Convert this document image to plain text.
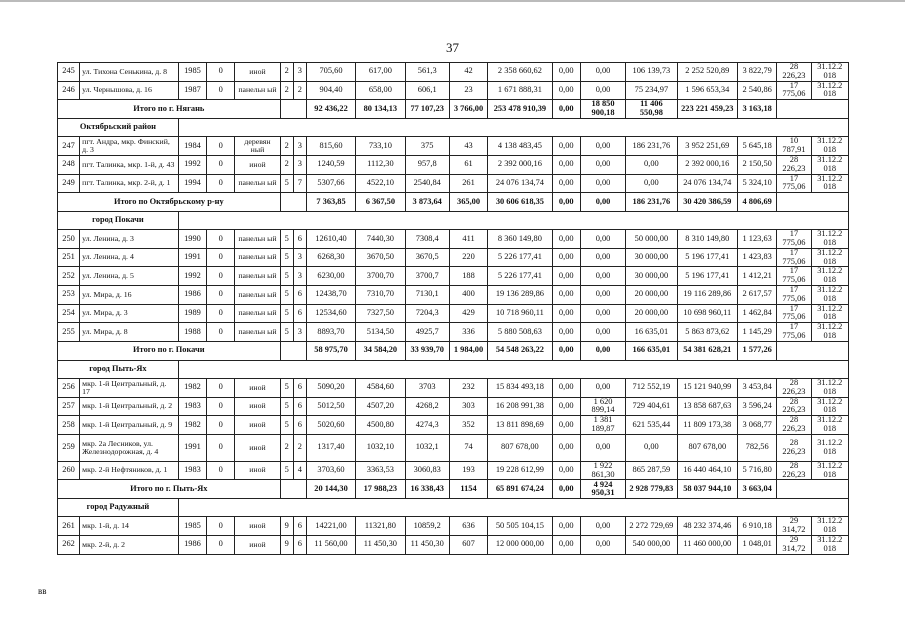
37
245	ул. Тихона Сенькина, д. 8	1985	0	иной	2	3	705,60	617,00	561,3	42	2 358 660,62	0,00	0,00	106 139,73	2 252 520,89	3 822,79	28 226,23	31.12.2 018
246	ул. Чернышова, д. 16	1987	0	панельн ый	2	2	904,40	658,00	606,1	23	1 671 888,31	0,00	0,00	75 234,97	1 596 653,34	2 540,86	17 775,06	31.12.2 018
Итого по г. Нягань							92 436,22	80 134,13	77 107,23	3 766,00	253 478 910,39	0,00	18 850 900,18	11 406 550,98	223 221 459,23	3 163,18		
Октябрьский район																		
247	пгт. Андра, мкр. Финский, д. 3	1984	0	деревян ный	2	3	815,60	733,10	375	43	4 138 483,45	0,00	0,00	186 231,76	3 952 251,69	5 645,18	10 787,91	31.12.2 018
248	пгт. Талинка, мкр. 1-й, д. 43	1992	0	иной	2	3	1240,59	1112,30	957,8	61	2 392 000,16	0,00	0,00	0,00	2 392 000,16	2 150,50	28 226,23	31.12.2 018
249	пгт. Талинка, мкр. 2-й, д. 1	1994	0	панельн ый	5	7	5307,66	4522,10	2540,84	261	24 076 134,74	0,00	0,00	0,00	24 076 134,74	5 324,10	17 775,06	31.12.2 018
Итого по Октябрьскому р-ну							7 363,85	6 367,50	3 873,64	365,00	30 606 618,35	0,00	0,00	186 231,76	30 420 386,59	4 806,69		
город Покачи																		
250	ул. Ленина, д. 3	1990	0	панельн ый	5	6	12610,40	7440,30	7308,4	411	8 360 149,80	0,00	0,00	50 000,00	8 310 149,80	1 123,63	17 775,06	31.12.2 018
251	ул. Ленина, д. 4	1991	0	панельн ый	5	3	6268,30	3670,50	3670,5	220	5 226 177,41	0,00	0,00	30 000,00	5 196 177,41	1 423,83	17 775,06	31.12.2 018
252	ул. Ленина, д. 5	1992	0	панельн ый	5	3	6230,00	3700,70	3700,7	188	5 226 177,41	0,00	0,00	30 000,00	5 196 177,41	1 412,21	17 775,06	31.12.2 018
253	ул. Мира, д. 16	1986	0	панельн ый	5	6	12438,70	7310,70	7130,1	400	19 136 289,86	0,00	0,00	20 000,00	19 116 289,86	2 617,57	17 775,06	31.12.2 018
254	ул. Мира, д. 3	1989	0	панельн ый	5	6	12534,60	7327,50	7204,3	429	10 718 960,11	0,00	0,00	20 000,00	10 698 960,11	1 462,84	17 775,06	31.12.2 018
255	ул. Мира, д. 8	1988	0	панельн ый	5	3	8893,70	5134,50	4925,7	336	5 880 508,63	0,00	0,00	16 635,01	5 863 873,62	1 145,29	17 775,06	31.12.2 018
Итого по г. Покачи							58 975,70	34 584,20	33 939,70	1 984,00	54 548 263,22	0,00	0,00	166 635,01	54 381 628,21	1 577,26		
город Пыть-Ях																		
256	мкр. 1-й Центральный, д. 17	1982	0	иной	5	6	5090,20	4584,60	3703	232	15 834 493,18	0,00	0,00	712 552,19	15 121 940,99	3 453,84	28 226,23	31.12.2 018
257	мкр. 1-й Центральный, д. 2	1983	0	иной	5	6	5012,50	4507,20	4268,2	303	16 208 991,38	0,00	1 620 899,14	729 404,61	13 858 687,63	3 596,24	28 226,23	31.12.2 018
258	мкр. 1-й Центральный, д. 9	1982	0	иной	5	6	5020,60	4500,80	4274,3	352	13 811 898,69	0,00	1 381 189,87	621 535,44	11 809 173,38	3 068,77	28 226,23	31.12.2 018
259	мкр. 2а Лесников, ул. Железнодорожная, д. 4	1991	0	иной	2	2	1317,40	1032,10	1032,1	74	807 678,00	0,00	0,00	0,00	807 678,00	782,56	28 226,23	31.12.2 018
260	мкр. 2-й Нефтяников, д. 1	1983	0	иной	5	4	3703,60	3363,53	3060,83	193	19 228 612,99	0,00	1 922 861,30	865 287,59	16 440 464,10	5 716,80	28 226,23	31.12.2 018
Итого по г. Пыть-Ях							20 144,30	17 988,23	16 338,43	1154	65 891 674,24	0,00	4 924 950,31	2 928 779,83	58 037 944,10	3 663,04		
город Радужный																		
261	мкр. 1-й, д. 14	1985	0	иной	9	6	14221,00	11321,80	10859,2	636	50 505 104,15	0,00	0,00	2 272 729,69	48 232 374,46	6 910,18	29 314,72	31.12.2 018
262	мкр. 2-й, д. 2	1986	0	иной	9	6	11 560,00	11 450,30	11 450,30	607	12 000 000,00	0,00	0,00	540 000,00	11 460 000,00	1 048,01	29 314,72	31.12.2 018
вв
